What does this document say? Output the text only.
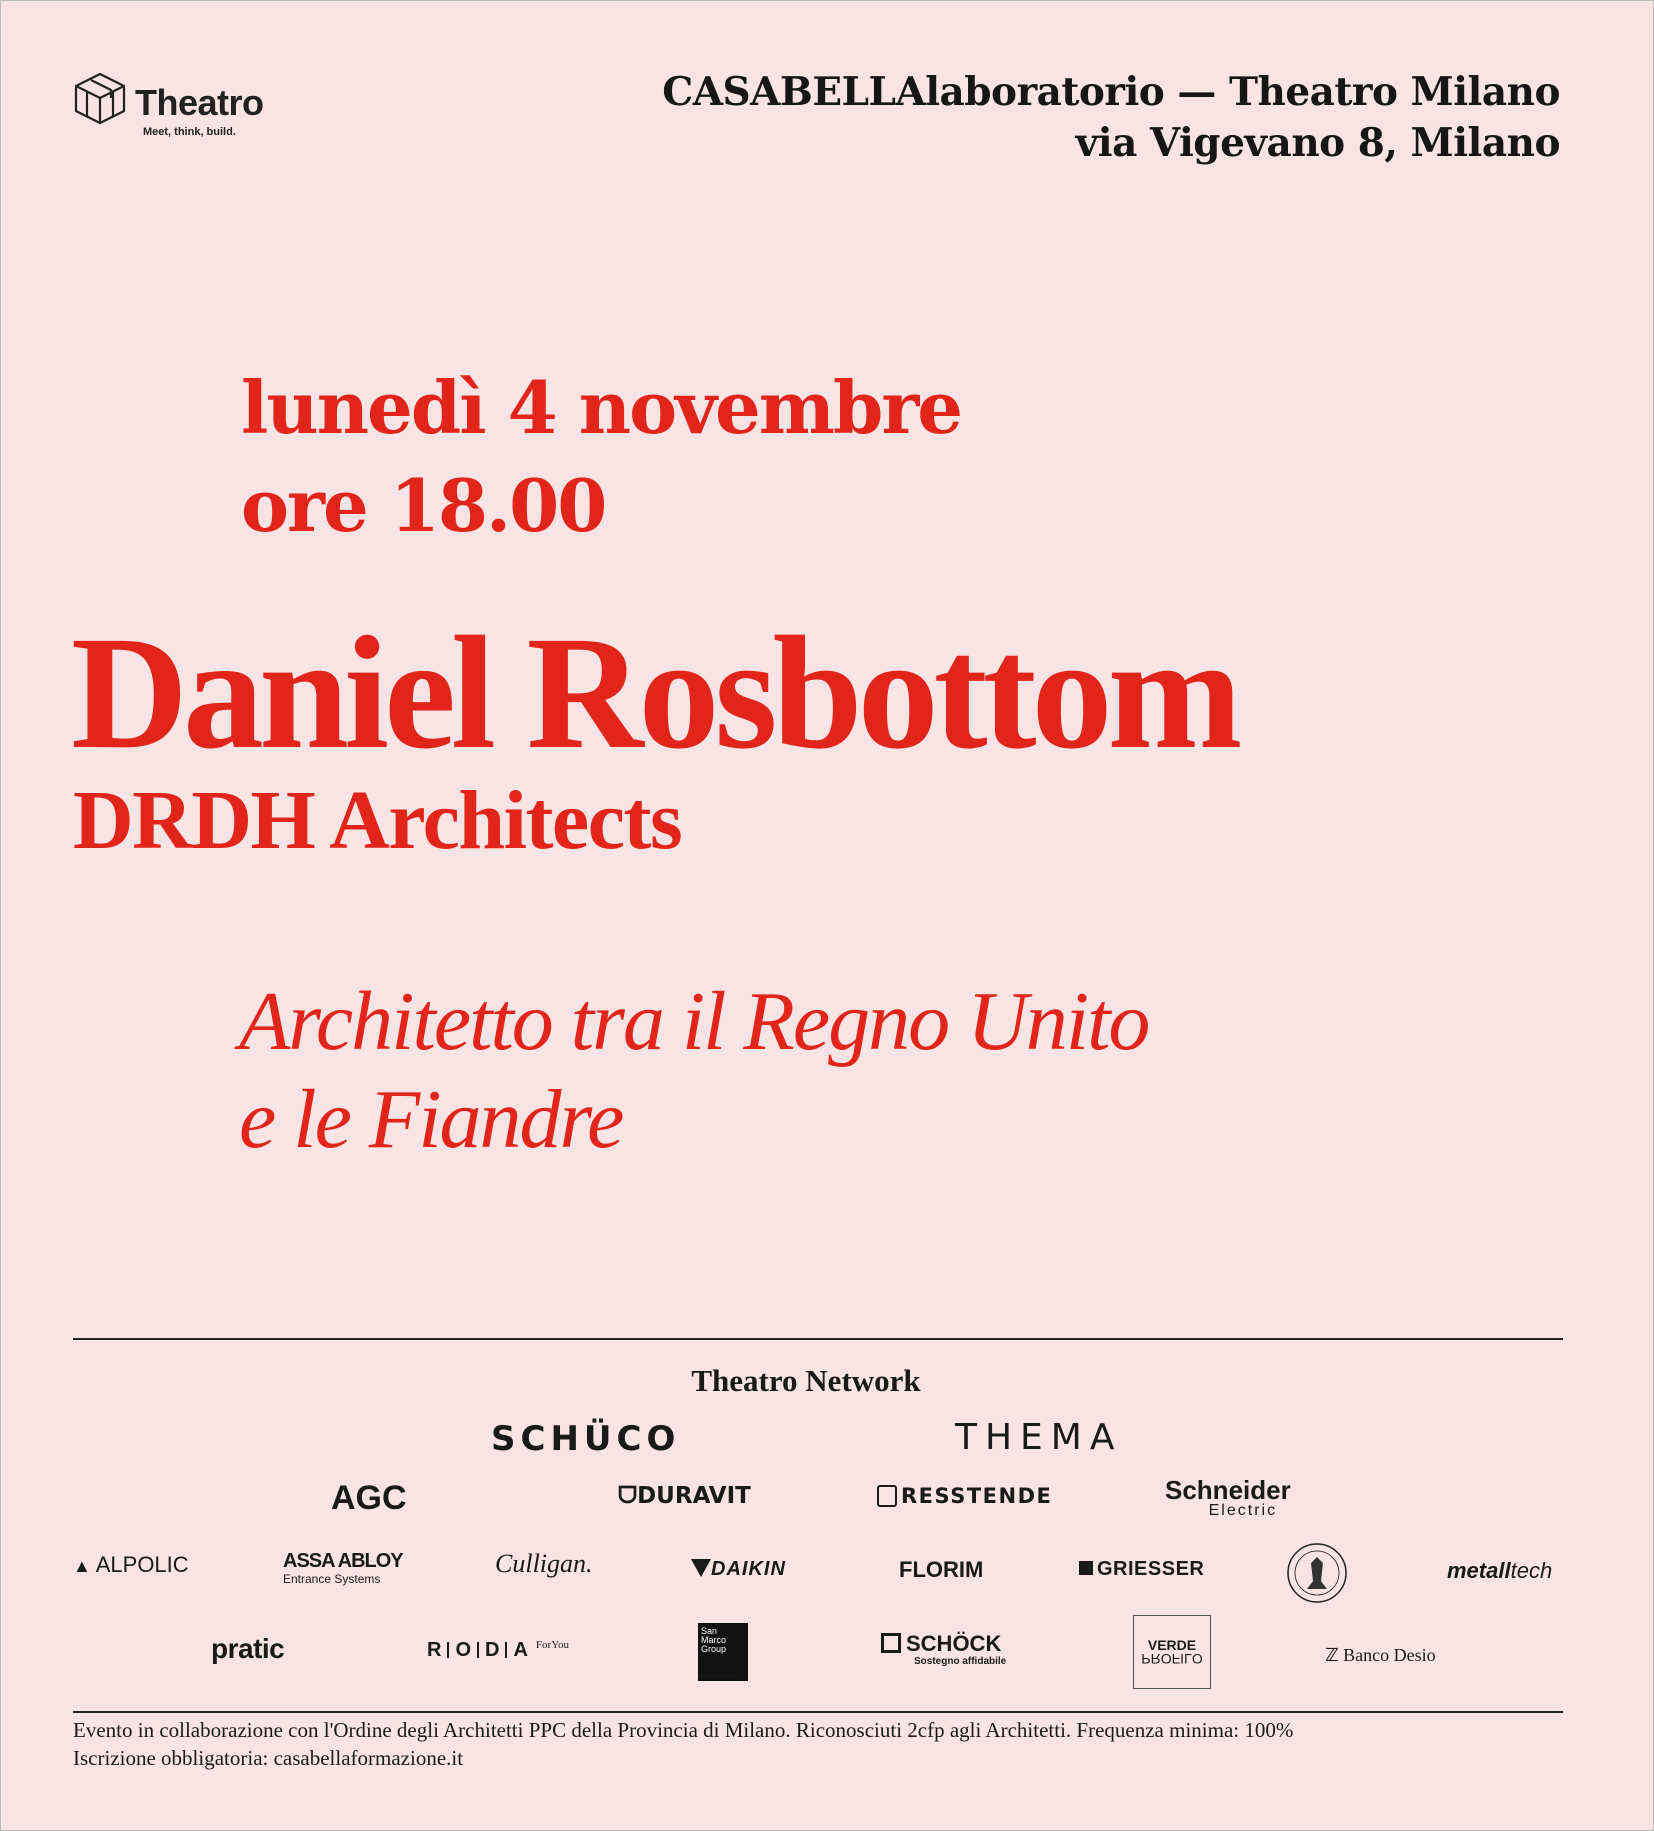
Theatro
Meet, think, build.
CASABELLAlaboratorio — Theatro Milano
via Vigevano 8, Milano
lunedì 4 novembre
ore 18.00
Daniel Rosbottom
DRDH Architects
Architetto tra il Regno Unito
e le Fiandre
Theatro Network
SCHÜCO	THEMA
AGC	ᗜDURAVIT	RESSTENDE	Schneider
Electric
▲ ALPOLIC	ASSA ABLOY
Entrance Systems
Culligan.	DAIKIN	FLORIM	GRIESSER	metalltech
pratic	R O D A $^{ForYou}$
San
Marco
Group
DESIGN THE FUTURE
SCHÖCK
Sostegno affidabile
VERDE
PROFILO	ℤ Banco Desio
Evento in collaborazione con l'Ordine degli Architetti PPC della Provincia di Milano. Riconosciuti 2cfp agli Architetti. Frequenza minima: 100%
Iscrizione obbligatoria: casabellaformazione.it
